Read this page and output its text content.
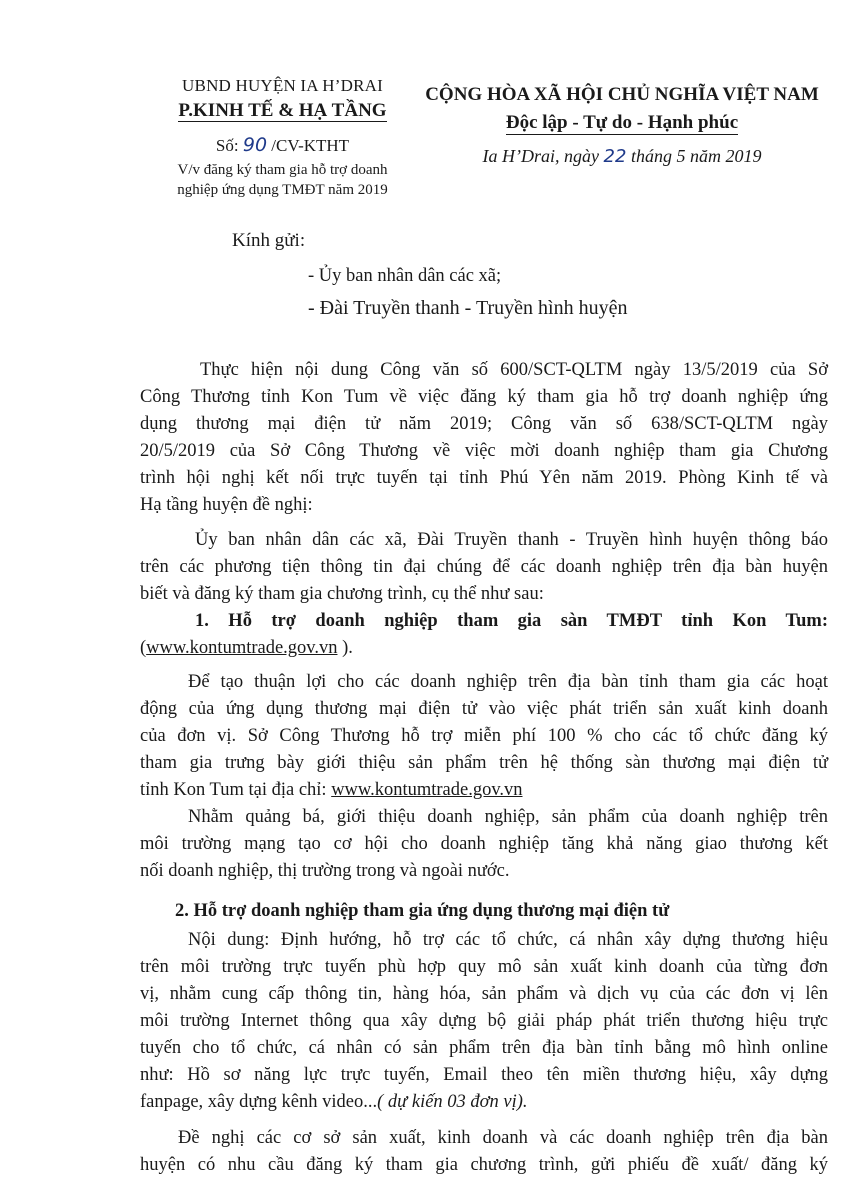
UBND HUYỆN IA H’DRAI
P.KINH TẾ & HẠ TẦNG
Số: 90 /CV-KTHT
V/v đăng ký tham gia hỗ trợ doanh
nghiệp ứng dụng TMĐT năm 2019
CỘNG HÒA XÃ HỘI CHỦ NGHĨA VIỆT NAM
Độc lập - Tự do - Hạnh phúc
Ia H’Drai, ngày 22 tháng 5 năm 2019
Kính gửi:
- Ủy ban nhân dân các xã;
- Đài Truyền thanh - Truyền hình huyện
Thực hiện nội dung Công văn số 600/SCT-QLTM ngày 13/5/2019 của Sở
Công Thương tỉnh Kon Tum về việc đăng ký tham gia hỗ trợ doanh nghiệp ứng
dụng thương mại điện tử năm 2019; Công văn số 638/SCT-QLTM ngày
20/5/2019 của Sở Công Thương về việc mời doanh nghiệp tham gia Chương
trình hội nghị kết nối trực tuyến tại tỉnh Phú Yên năm 2019. Phòng Kinh tế và
Hạ tầng huyện đề nghị:
Ủy ban nhân dân các xã, Đài Truyền thanh - Truyền hình huyện thông báo
trên các phương tiện thông tin đại chúng để các doanh nghiệp trên địa bàn huyện
biết và đăng ký tham gia chương trình, cụ thể như sau:
1. Hỗ trợ doanh nghiệp tham gia sàn TMĐT tỉnh Kon Tum:
(www.kontumtrade.gov.vn ).
Để tạo thuận lợi cho các doanh nghiệp trên địa bàn tỉnh tham gia các hoạt
động của ứng dụng thương mại điện tử vào việc phát triển sản xuất kinh doanh
của đơn vị. Sở Công Thương hỗ trợ miễn phí 100 % cho các tổ chức đăng ký
tham gia trưng bày giới thiệu sản phẩm trên hệ thống sàn thương mại điện tử
tỉnh Kon Tum tại địa chỉ: www.kontumtrade.gov.vn
Nhằm quảng bá, giới thiệu doanh nghiệp, sản phẩm của doanh nghiệp trên
môi trường mạng tạo cơ hội cho doanh nghiệp tăng khả năng giao thương kết
nối doanh nghiệp, thị trường trong và ngoài nước.
2. Hỗ trợ doanh nghiệp tham gia ứng dụng thương mại điện tử
Nội dung: Định hướng, hỗ trợ các tổ chức, cá nhân xây dựng thương hiệu
trên môi trường trực tuyến phù hợp quy mô sản xuất kinh doanh của từng đơn
vị, nhằm cung cấp thông tin, hàng hóa, sản phẩm và dịch vụ của các đơn vị lên
môi trường Internet thông qua xây dựng bộ giải pháp phát triển thương hiệu trực
tuyến cho tổ chức, cá nhân có sản phẩm trên địa bàn tỉnh bằng mô hình online
như: Hồ sơ năng lực trực tuyến, Email theo tên miền thương hiệu, xây dựng
fanpage, xây dựng kênh video...( dự kiến 03 đơn vị).
Đề nghị các cơ sở sản xuất, kinh doanh và các doanh nghiệp trên địa bàn
huyện có nhu cầu đăng ký tham gia chương trình, gửi phiếu đề xuất/ đăng ký
